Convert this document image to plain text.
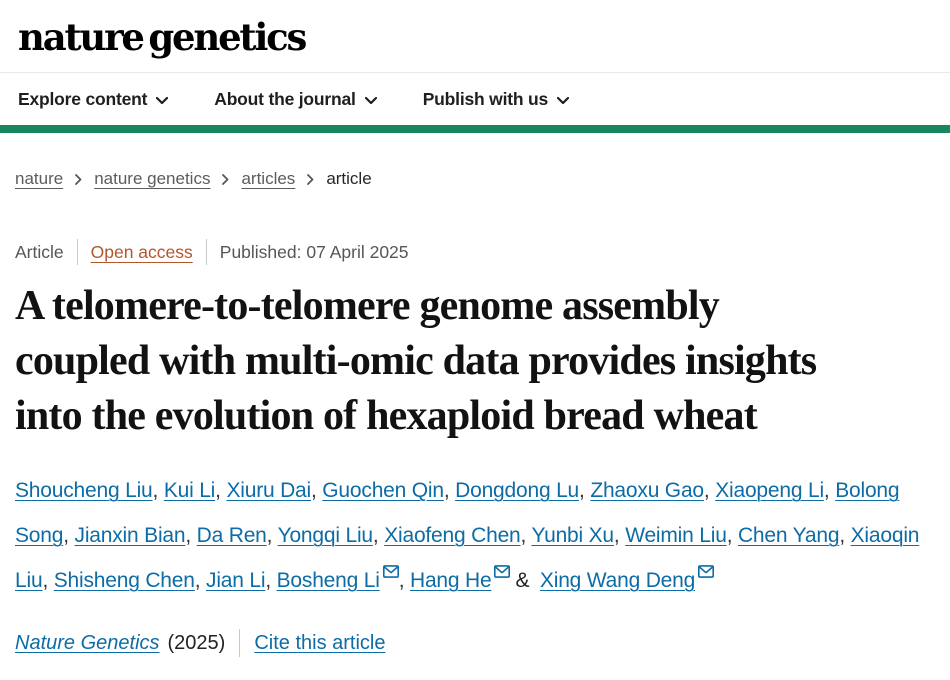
nature genetics
Explore content	About the journal	Publish with us
nature nature genetics articles article
Article Open access Published: 07 April 2025
A telomere-to-telomere genome assembly
coupled with multi-omic data provides insights
into the evolution of hexaploid bread wheat
Shoucheng Liu, Kui Li, Xiuru Dai, Guochen Qin, Dongdong Lu, Zhaoxu Gao, Xiaopeng Li, Bolong Song, Jianxin Bian, Da Ren, Yongqi Liu, Xiaofeng Chen, Yunbi Xu, Weimin Liu, Chen Yang, Xiaoqin Liu, Shisheng Chen, Jian Li, Bosheng Li , Hang He & Xing Wang Deng
Nature Genetics (2025) Cite this article
